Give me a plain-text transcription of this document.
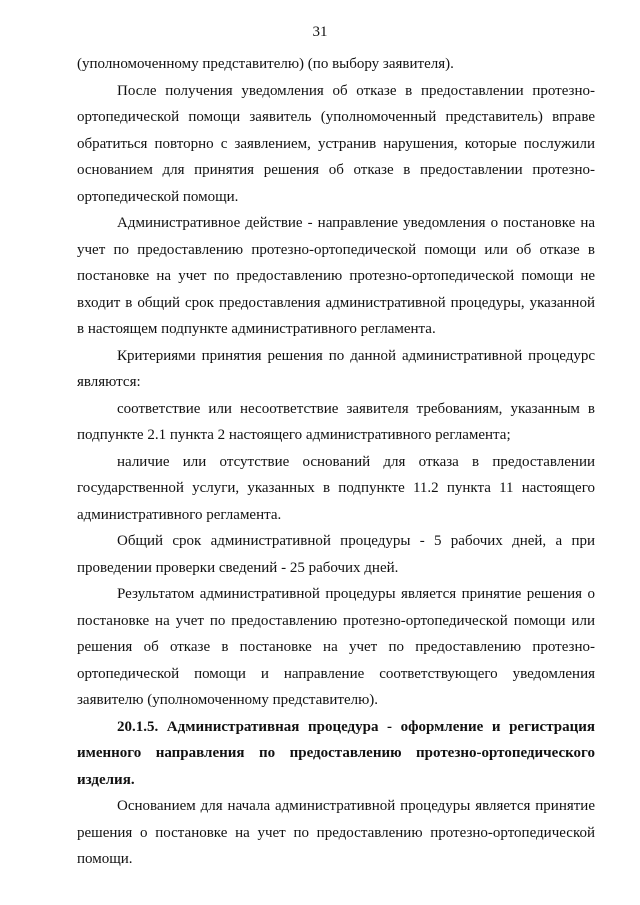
31

(уполномоченному представителю) (по выбору заявителя).

После получения уведомления об отказе в предоставлении протезно-ортопедической помощи заявитель (уполномоченный представитель) вправе обратиться повторно с заявлением, устранив нарушения, которые послужили основанием для принятия решения об отказе в предоставлении протезно-ортопедической помощи.

Административное действие - направление уведомления о постановке на учет по предоставлению протезно-ортопедической помощи или об отказе в постановке на учет по предоставлению протезно-ортопедической помощи не входит в общий срок предоставления административной процедуры, указанной в настоящем подпункте административного регламента.

Критериями принятия решения по данной административной процедурс являются:

соответствие или несоответствие заявителя требованиям, указанным в подпункте 2.1 пункта 2 настоящего административного регламента;

наличие или отсутствие оснований для отказа в предоставлении государственной услуги, указанных в подпункте 11.2 пункта 11 настоящего административного регламента.

Общий срок административной процедуры - 5 рабочих дней, а при проведении проверки сведений - 25 рабочих дней.

Результатом административной процедуры является принятие решения о постановке на учет по предоставлению протезно-ортопедической помощи или решения об отказе в постановке на учет по предоставлению протезно-ортопедической помощи и направление соответствующего уведомления заявителю (уполномоченному представителю).

20.1.5. Административная процедура - оформление и регистрация именного направления по предоставлению протезно-ортопедического изделия.

Основанием для начала административной процедуры является принятие решения о постановке на учет по предоставлению протезно-ортопедической помощи.
